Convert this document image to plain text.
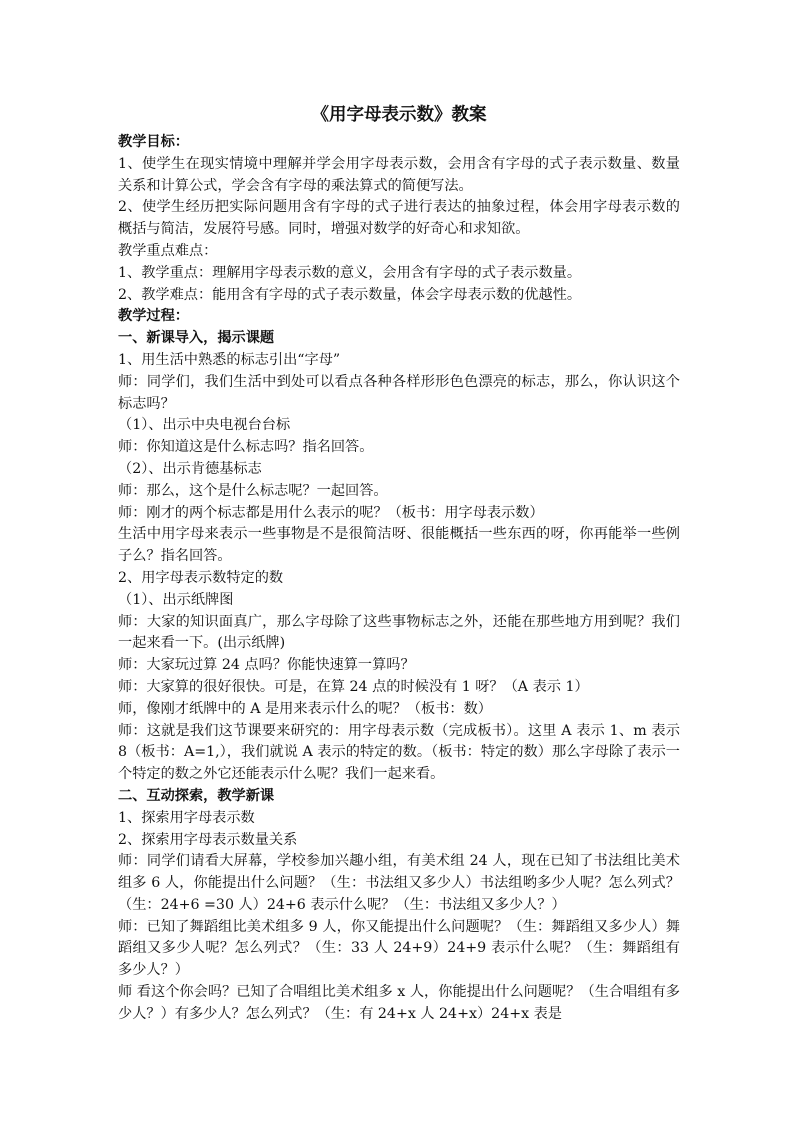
《用字母表示数》教案

教学目标：

1、使学生在现实情境中理解并学会用字母表示数，会用含有字母的式子表示数量、数量关系和计算公式，学会含有字母的乘法算式的简便写法。

2、使学生经历把实际问题用含有字母的式子进行表达的抽象过程，体会用字母表示数的概括与简洁，发展符号感。同时，增强对数学的好奇心和求知欲。

教学重点难点：

1、教学重点：理解用字母表示数的意义，会用含有字母的式子表示数量。

2、教学难点：能用含有字母的式子表示数量，体会字母表示数的优越性。

教学过程：

一、新课导入，揭示课题

1、用生活中熟悉的标志引出“字母”

师：同学们，我们生活中到处可以看点各种各样形形色色漂亮的标志，那么，你认识这个标志吗？

（1）、出示中央电视台台标

师：你知道这是什么标志吗？指名回答。

（2）、出示肯德基标志

师：那么，这个是什么标志呢？一起回答。

师：刚才的两个标志都是用什么表示的呢？（板书：用字母表示数）

生活中用字母来表示一些事物是不是很简洁呀、很能概括一些东西的呀，你再能举一些例子么？指名回答。

2、用字母表示数特定的数

（1）、出示纸牌图

师：大家的知识面真广，那么字母除了这些事物标志之外，还能在那些地方用到呢？我们一起来看一下。(出示纸牌)

师：大家玩过算 24 点吗？你能快速算一算吗？

师：大家算的很好很快。可是，在算 24 点的时候没有 1 呀？（A 表示 1）

师，像刚才纸牌中的 A 是用来表示什么的呢？（板书：数）

师：这就是我们这节课要来研究的：用字母表示数（完成板书）。这里 A 表示 1、m 表示 8（板书：A=1,），我们就说 A 表示的特定的数。（板书：特定的数）那么字母除了表示一个特定的数之外它还能表示什么呢？我们一起来看。

二、互动探索，教学新课

1、探索用字母表示数

2、探索用字母表示数量关系

师：同学们请看大屏幕，学校参加兴趣小组，有美术组 24 人，现在已知了书法组比美术组多 6 人，你能提出什么问题？（生：书法组又多少人）书法组哟多少人呢？怎么列式？（生：24+6 =30 人）24+6 表示什么呢？（生：书法组又多少人？）

师：已知了舞蹈组比美术组多 9 人，你又能提出什么问题呢？（生：舞蹈组又多少人）舞蹈组又多少人呢？怎么列式？（生：33 人 24+9）24+9 表示什么呢？（生：舞蹈组有多少人？）

师 看这个你会吗？已知了合唱组比美术组多 x 人，你能提出什么问题呢？（生合唱组有多少人？）有多少人？怎么列式？（生：有 24+x 人 24+x）24+x 表是
